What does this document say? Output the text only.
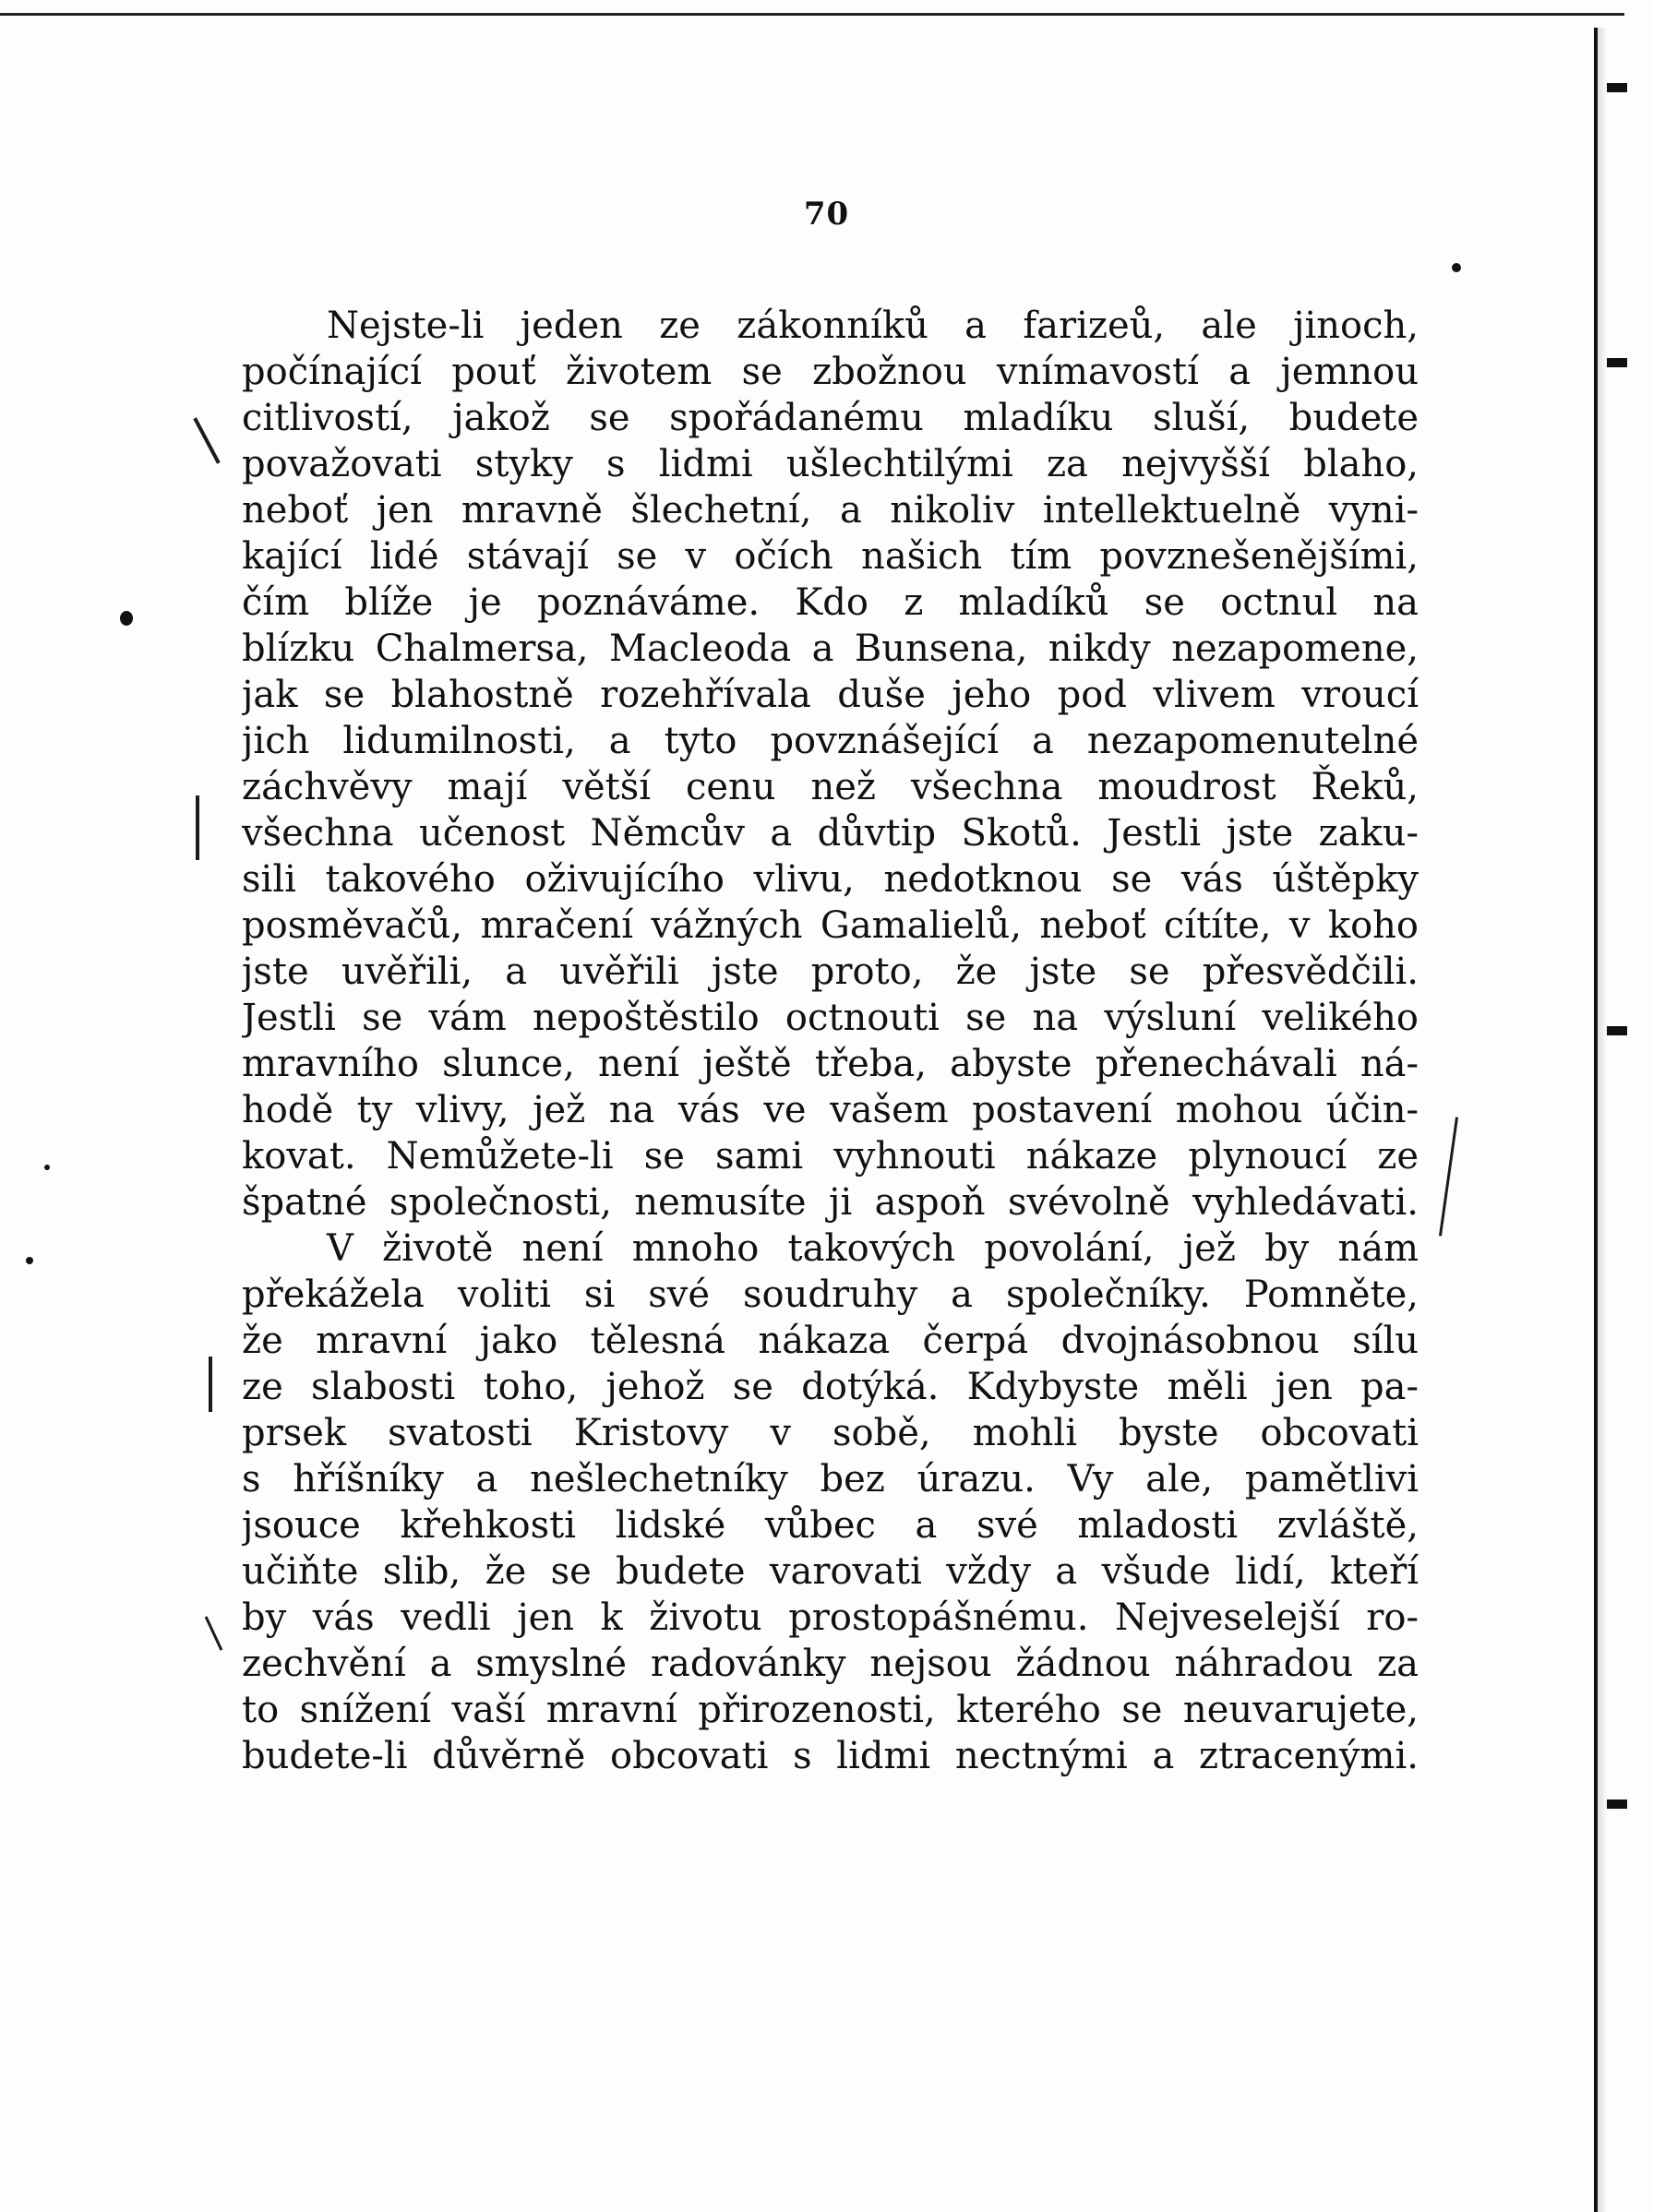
70
Nejste-li jeden ze zákonníků a farizeů, ale jinoch,
počínající pouť životem se zbožnou vnímavostí a jemnou
citlivostí, jakož se spořádanému mladíku sluší, budete
považovati styky s lidmi ušlechtilými za nejvyšší blaho,
neboť jen mravně šlechetní, a nikoliv intellektuelně vyni-
kající lidé stávají se v očích našich tím povznešenějšími,
čím blíže je poznáváme. Kdo z mladíků se octnul na
blízku Chalmersa, Macleoda a Bunsena, nikdy nezapomene,
jak se blahostně rozehřívala duše jeho pod vlivem vroucí
jich lidumilnosti, a tyto povznášející a nezapomenutelné
záchvěvy mají větší cenu než všechna moudrost Řeků,
všechna učenost Němcův a důvtip Skotů. Jestli jste zaku-
sili takového oživujícího vlivu, nedotknou se vás úštěpky
posměvačů, mračení vážných Gamalielů, neboť cítíte, v koho
jste uvěřili, a uvěřili jste proto, že jste se přesvědčili.
Jestli se vám nepoštěstilo octnouti se na výsluní velikého
mravního slunce, není ještě třeba, abyste přenechávali ná-
hodě ty vlivy, jež na vás ve vašem postavení mohou účin-
kovat. Nemůžete-li se sami vyhnouti nákaze plynoucí ze
špatné společnosti, nemusíte ji aspoň svévolně vyhledávati.
V životě není mnoho takových povolání, jež by nám
překážela voliti si své soudruhy a společníky. Pomněte,
že mravní jako tělesná nákaza čerpá dvojnásobnou sílu
ze slabosti toho, jehož se dotýká. Kdybyste měli jen pa-
prsek svatosti Kristovy v sobě, mohli byste obcovati
s hříšníky a nešlechetníky bez úrazu. Vy ale, pamětlivi
jsouce křehkosti lidské vůbec a své mladosti zvláště,
učiňte slib, že se budete varovati vždy a všude lidí, kteří
by vás vedli jen k životu prostopášnému. Nejveselejší ro-
zechvění a smyslné radovánky nejsou žádnou náhradou za
to snížení vaší mravní přirozenosti, kterého se neuvarujete,
budete-li důvěrně obcovati s lidmi nectnými a ztracenými.
